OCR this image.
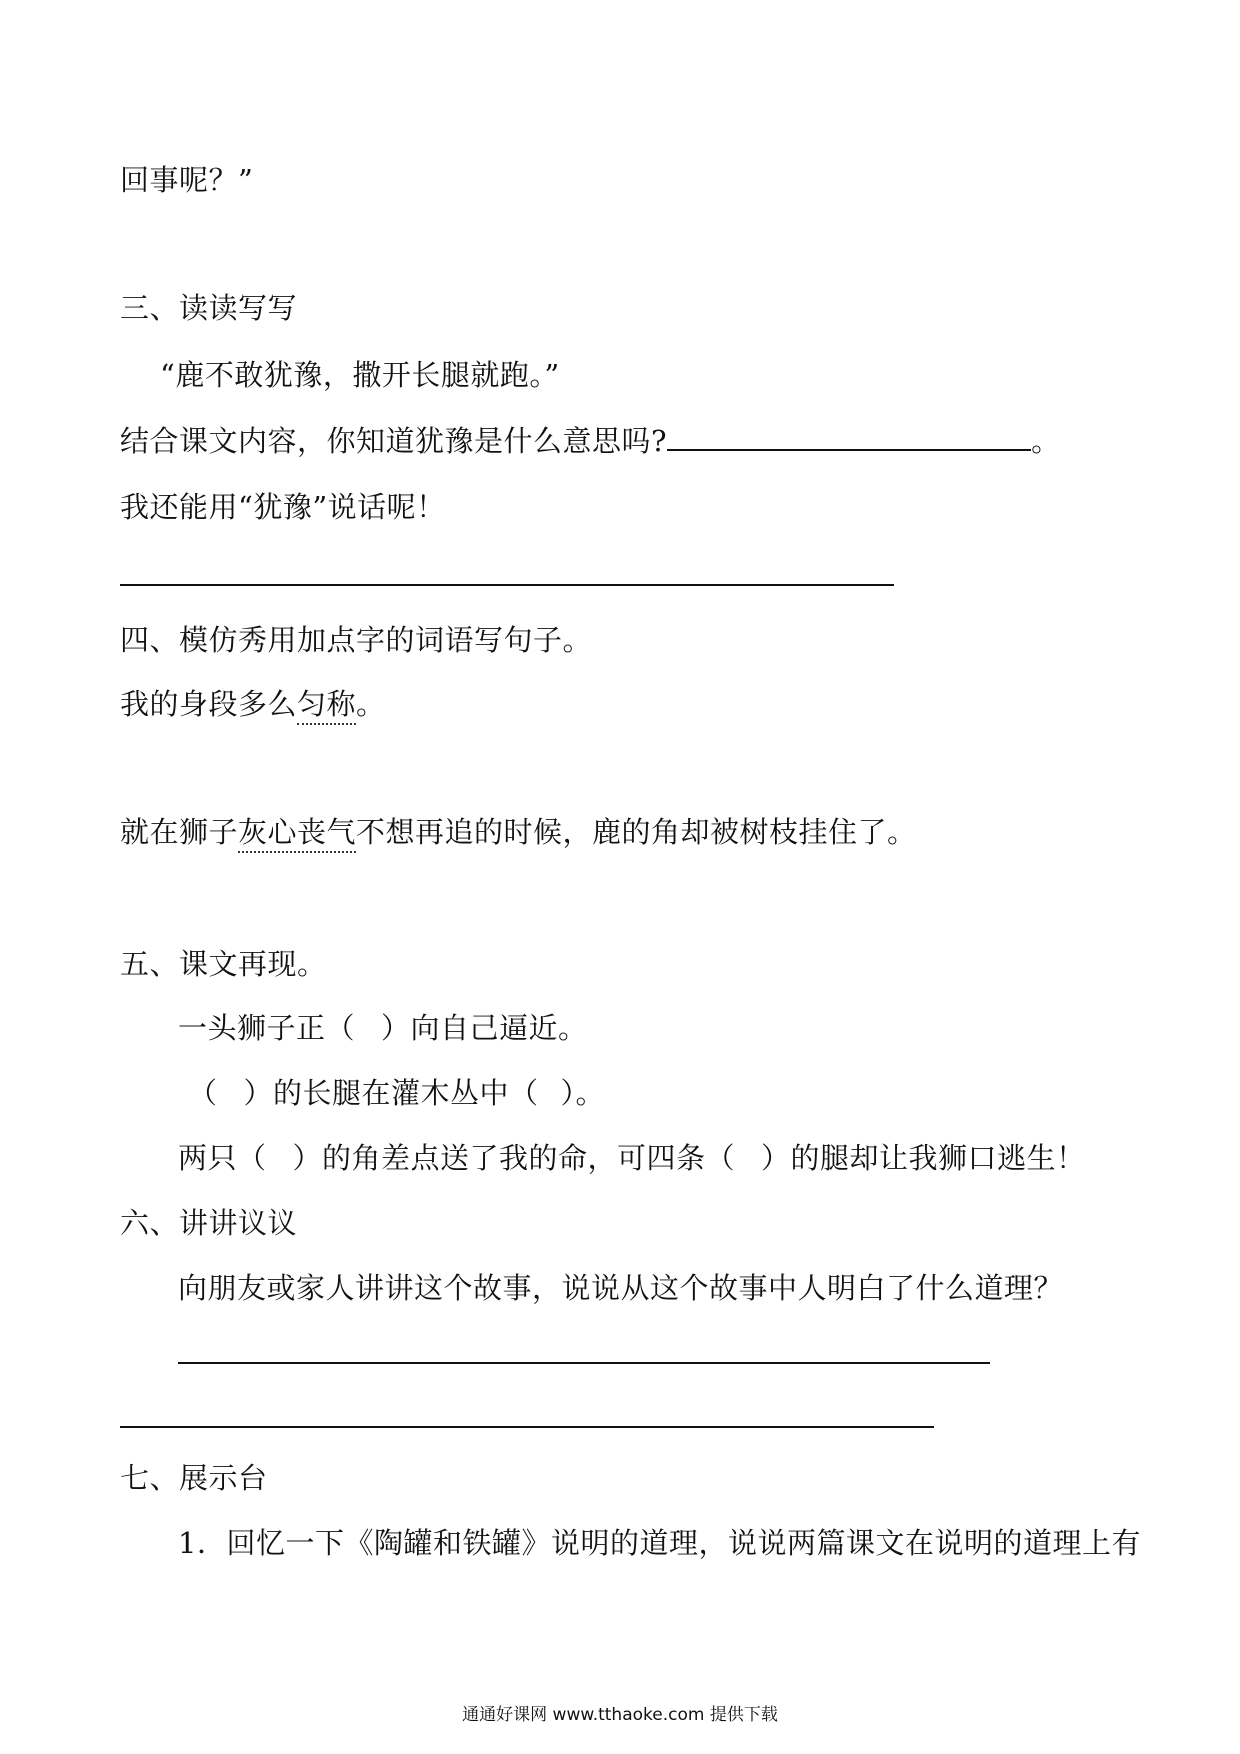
回事呢？”
三、读读写写
“鹿不敢犹豫，撒开长腿就跑。”
结合课文内容，你知道犹豫是什么意思吗?	。
我还能用“犹豫”说话呢！
四、模仿秀用加点字的词语写句子。
我的身段多么匀称。
就在狮子灰心丧气不想再追的时候，鹿的角却被树枝挂住了。
五、课文再现。
一头狮子正（ ）向自己逼近。
（ ）的长腿在灌木丛中（ ）。
两只（ ）的角差点送了我的命，可四条（ ）的腿却让我狮口逃生！
六、讲讲议议
向朋友或家人讲讲这个故事，说说从这个故事中人明白了什么道理？
七、展示台
1．回忆一下《陶罐和铁罐》说明的道理，说说两篇课文在说明的道理上有
通通好课网 www.tthaoke.com 提供下载
